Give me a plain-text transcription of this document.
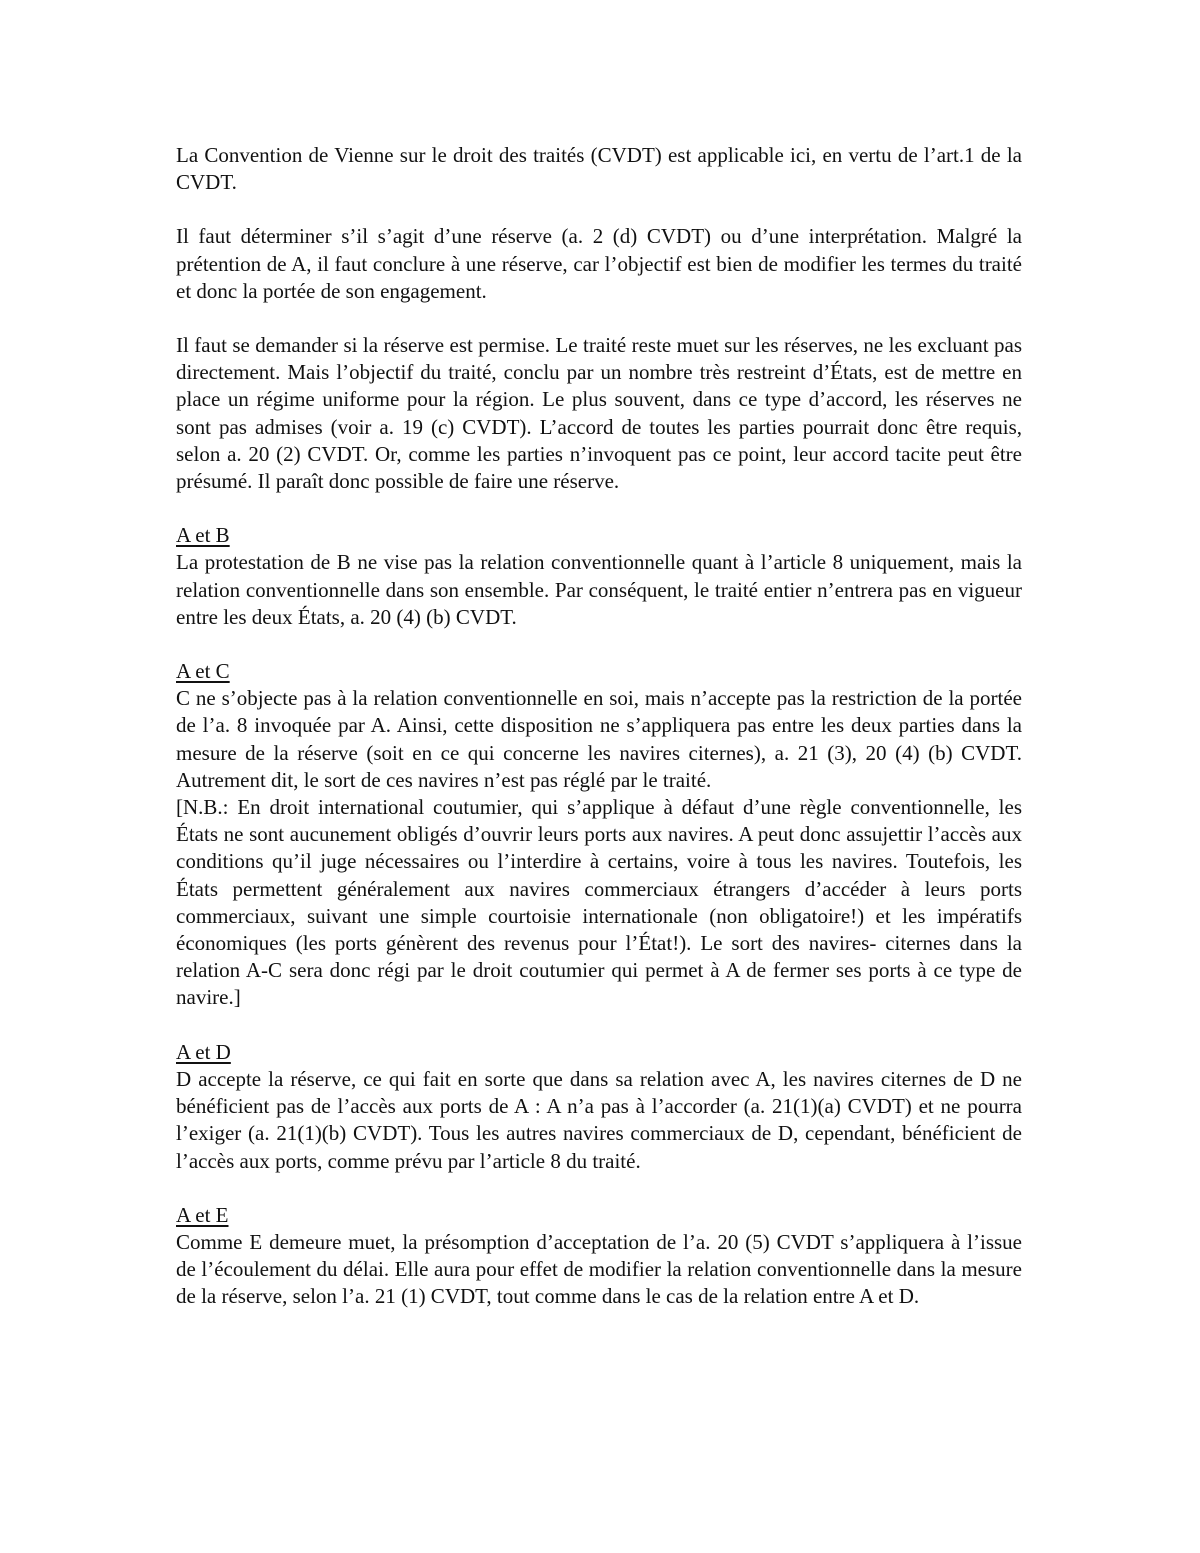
La Convention de Vienne sur le droit des traités (CVDT) est applicable ici, en vertu de l’art.1 de la CVDT.

Il faut déterminer s’il s’agit d’une réserve (a. 2 (d) CVDT) ou d’une interprétation. Malgré la prétention de A, il faut conclure à une réserve, car l’objectif est bien de modifier les termes du traité et donc la portée de son engagement.

Il faut se demander si la réserve est permise. Le traité reste muet sur les réserves, ne les excluant pas directement. Mais l’objectif du traité, conclu par un nombre très restreint d’États, est de mettre en place un régime uniforme pour la région. Le plus souvent, dans ce type d’accord, les réserves ne sont pas admises (voir a. 19 (c) CVDT). L’accord de toutes les parties pourrait donc être requis, selon a. 20 (2) CVDT. Or, comme les parties n’invoquent pas ce point, leur accord tacite peut être présumé. Il paraît donc possible de faire une réserve.

A et B

La protestation de B ne vise pas la relation conventionnelle quant à l’article 8 uniquement, mais la relation conventionnelle dans son ensemble. Par conséquent, le traité entier n’entrera pas en vigueur entre les deux États, a. 20 (4) (b) CVDT.

A et C

C ne s’objecte pas à la relation conventionnelle en soi, mais n’accepte pas la restriction de la portée de l’a. 8 invoquée par A. Ainsi, cette disposition ne s’appliquera pas entre les deux parties dans la mesure de la réserve (soit en ce qui concerne les navires citernes), a. 21 (3), 20 (4) (b) CVDT. Autrement dit, le sort de ces navires n’est pas réglé par le traité.

[N.B.: En droit international coutumier, qui s’applique à défaut d’une règle conventionnelle, les États ne sont aucunement obligés d’ouvrir leurs ports aux navires. A peut donc assujettir l’accès aux conditions qu’il juge nécessaires ou l’interdire à certains, voire à tous les navires. Toutefois, les États permettent généralement aux navires commerciaux étrangers d’accéder à leurs ports commerciaux, suivant une simple courtoisie internationale (non obligatoire!) et les impératifs économiques (les ports génèrent des revenus pour l’État!). Le sort des navires- citernes dans la relation A-C sera donc régi par le droit coutumier qui permet à A de fermer ses ports à ce type de navire.]

A et D

D accepte la réserve, ce qui fait en sorte que dans sa relation avec A, les navires citernes de D ne bénéficient pas de l’accès aux ports de A : A n’a pas à l’accorder (a. 21(1)(a) CVDT) et ne pourra l’exiger (a. 21(1)(b) CVDT). Tous les autres navires commerciaux de D, cependant, bénéficient de l’accès aux ports, comme prévu par l’article 8 du traité.

A et E

Comme E demeure muet, la présomption d’acceptation de l’a. 20 (5) CVDT s’appliquera à l’issue de l’écoulement du délai. Elle aura pour effet de modifier la relation conventionnelle dans la mesure de la réserve, selon l’a. 21 (1) CVDT, tout comme dans le cas de la relation entre A et D.
